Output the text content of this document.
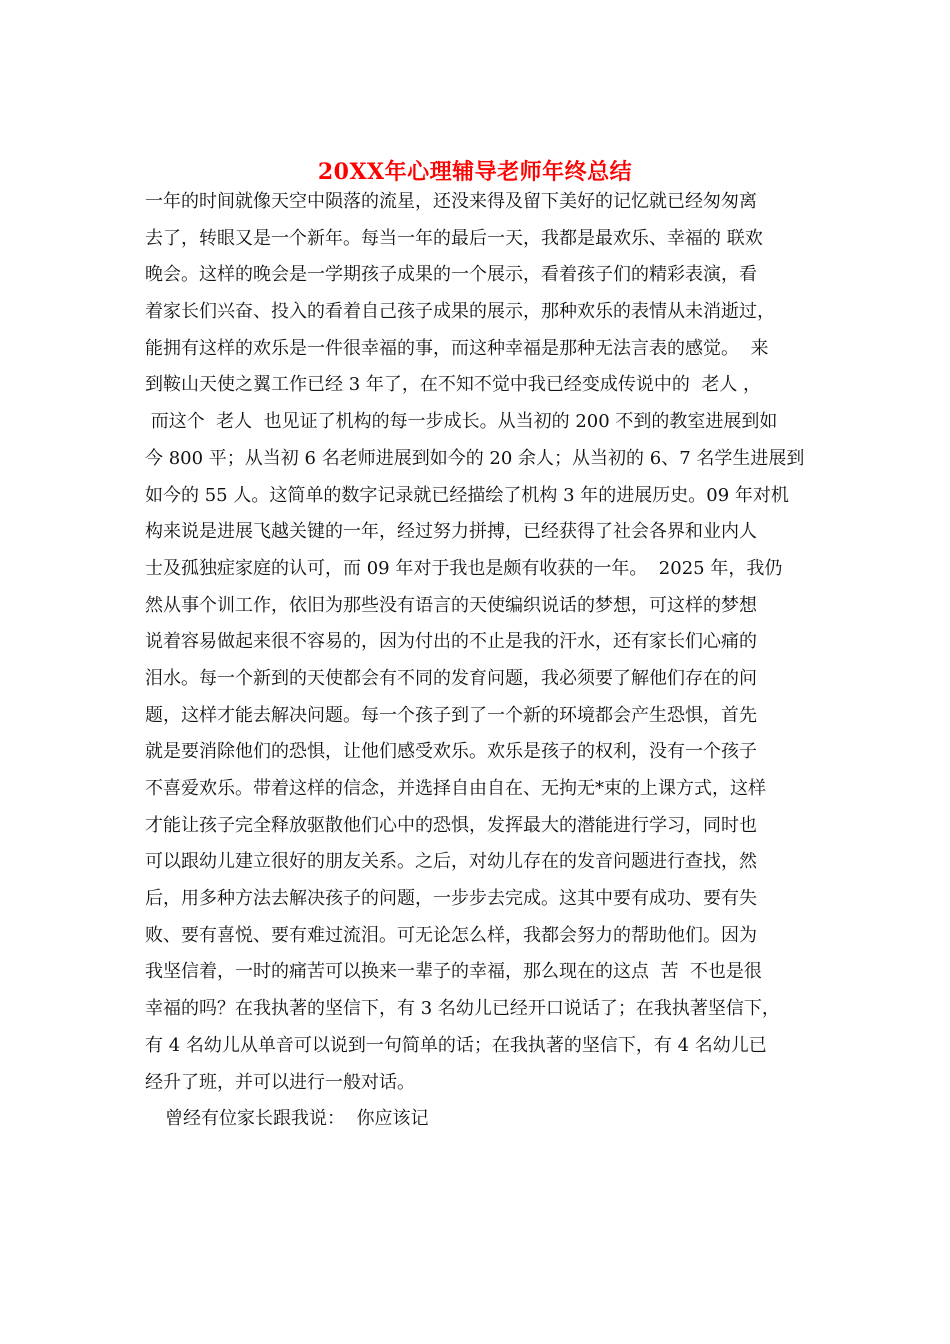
20XX年心理辅导老师年终总结
一年的时间就像天空中陨落的流星，还没来得及留下美好的记忆就已经匆匆离
去了，转眼又是一个新年。每当一年的最后一天，我都是最欢乐、幸福的 联欢
晚会。这样的晚会是一学期孩子成果的一个展示，看着孩子们的精彩表演，看
着家长们兴奋、投入的看着自己孩子成果的展示，那种欢乐的表情从未消逝过，
能拥有这样的欢乐是一件很幸福的事，而这种幸福是那种无法言表的感觉。  来
到鞍山天使之翼工作已经 3 年了，在不知不觉中我已经变成传说中的  老人 ，
而这个  老人  也见证了机构的每一步成长。从当初的 200 不到的教室进展到如
今 800 平；从当初 6 名老师进展到如今的 20 余人；从当初的 6、7 名学生进展到
如今的 55 人。这简单的数字记录就已经描绘了机构 3 年的进展历史。09 年对机
构来说是进展飞越关键的一年，经过努力拼搏，已经获得了社会各界和业内人
士及孤独症家庭的认可，而 09 年对于我也是颇有收获的一年。  2025 年，我仍
然从事个训工作，依旧为那些没有语言的天使编织说话的梦想，可这样的梦想
说着容易做起来很不容易的，因为付出的不止是我的汗水，还有家长们心痛的
泪水。每一个新到的天使都会有不同的发育问题，我必须要了解他们存在的问
题，这样才能去解决问题。每一个孩子到了一个新的环境都会产生恐惧，首先
就是要消除他们的恐惧，让他们感受欢乐。欢乐是孩子的权利，没有一个孩子
不喜爱欢乐。带着这样的信念，并选择自由自在、无拘无*束的上课方式，这样
才能让孩子完全释放驱散他们心中的恐惧，发挥最大的潜能进行学习，同时也
可以跟幼儿建立很好的朋友关系。之后，对幼儿存在的发音问题进行查找，然
后，用多种方法去解决孩子的问题，一步步去完成。这其中要有成功、要有失
败、要有喜悦、要有难过流泪。可无论怎么样，我都会努力的帮助他们。因为
我坚信着，一时的痛苦可以换来一辈子的幸福，那么现在的这点  苦  不也是很
幸福的吗？在我执著的坚信下，有 3 名幼儿已经开口说话了；在我执著坚信下，
有 4 名幼儿从单音可以说到一句简单的话；在我执著的坚信下，有 4 名幼儿已
经升了班，并可以进行一般对话。
曾经有位家长跟我说：  你应该记
